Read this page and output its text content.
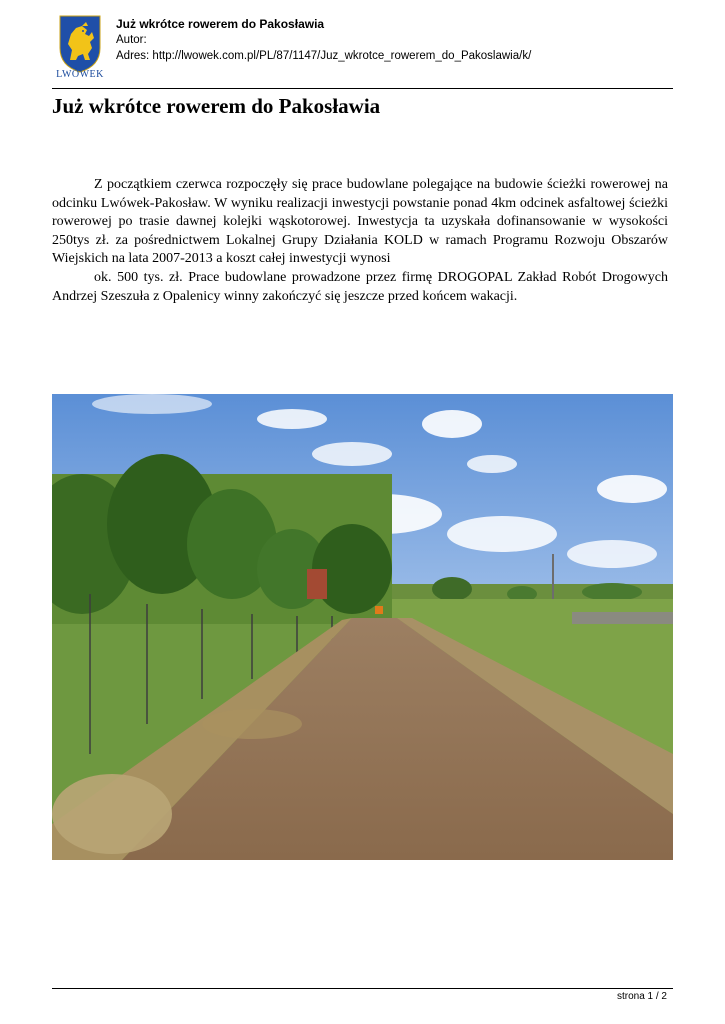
LWÓWEK
Już wkrótce rowerem do Pakosławia
Autor:
Adres: http://lwowek.com.pl/PL/87/1147/Juz_wkrotce_rowerem_do_Pakoslawia/k/
Już wkrótce rowerem do Pakosławia

Z początkiem czerwca rozpoczęły się prace budowlane polegające na budowie ścieżki rowerowej na odcinku Lwówek-Pakosław. W wyniku realizacji inwestycji powstanie ponad 4km odcinek asfaltowej ścieżki rowerowej po trasie dawnej kolejki wąskotorowej. Inwestycja ta uzyskała dofinansowanie w wysokości 250tys zł. za pośrednictwem Lokalnej Grupy Działania KOLD w ramach Programu Rozwoju Obszarów Wiejskich na lata 2007-2013 a koszt całej inwestycji wynosi

ok. 500 tys. zł. Prace budowlane prowadzone przez firmę DROGOPAL Zakład Robót Drogowych Andrzej Szeszuła z Opalenicy winny zakończyć się jeszcze przed końcem wakacji.

strona 1 / 2
